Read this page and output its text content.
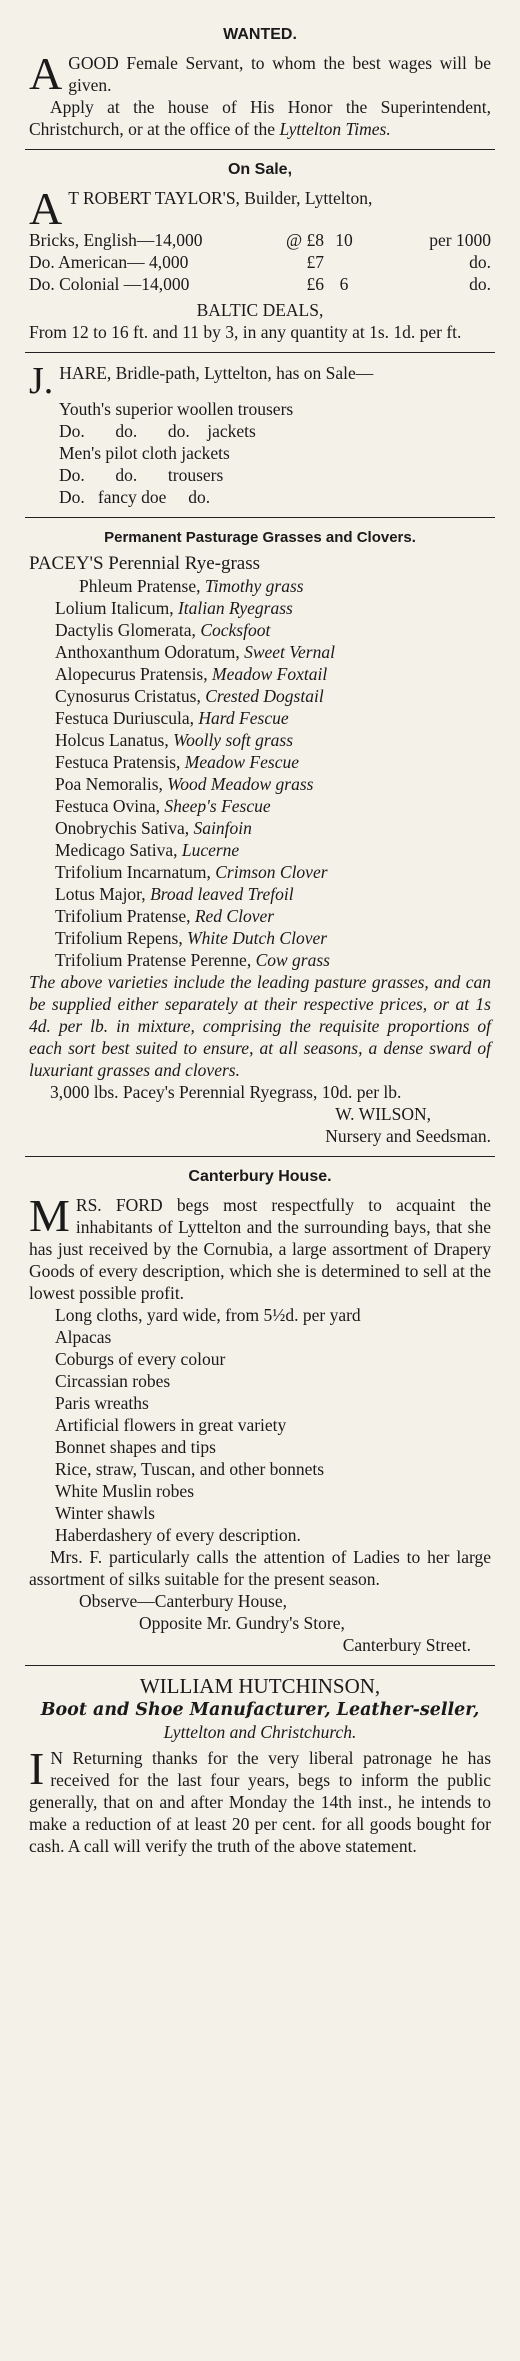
WANTED.
A GOOD Female Servant, to whom the best wages will be given.
Apply at the house of His Honor the Superintendent, Christchurch, or at the office of the Lyttelton Times.
On Sale,
A T ROBERT TAYLOR'S, Builder, Lyttelton,
Bricks, English—14,000	@ £8 10	per 1000
Do. American— 4,000	£7	do.
Do. Colonial —14,000	£6 6	do.
BALTIC DEALS,
From 12 to 16 ft. and 11 by 3, in any quantity at 1s. 1d. per ft.
J. HARE, Bridle-path, Lyttelton, has on Sale—
Youth's superior woollen trousers
Do.       do.       do.    jackets
Men's pilot cloth jackets
Do.       do.       trousers
Do.   fancy doe     do.
Permanent Pasturage Grasses and Clovers.
PACEY'S Perennial Rye-grass
Phleum Pratense, Timothy grass
Lolium Italicum, Italian Ryegrass
Dactylis Glomerata, Cocksfoot
Anthoxanthum Odoratum, Sweet Vernal
Alopecurus Pratensis, Meadow Foxtail
Cynosurus Cristatus, Crested Dogstail
Festuca Duriuscula, Hard Fescue
Holcus Lanatus, Woolly soft grass
Festuca Pratensis, Meadow Fescue
Poa Nemoralis, Wood Meadow grass
Festuca Ovina, Sheep's Fescue
Onobrychis Sativa, Sainfoin
Medicago Sativa, Lucerne
Trifolium Incarnatum, Crimson Clover
Lotus Major, Broad leaved Trefoil
Trifolium Pratense, Red Clover
Trifolium Repens, White Dutch Clover
Trifolium Pratense Perenne, Cow grass
The above varieties include the leading pasture grasses, and can be supplied either separately at their respective prices, or at 1s 4d. per lb. in mixture, comprising the requisite proportions of each sort best suited to ensure, at all seasons, a dense sward of luxuriant grasses and clovers.
3,000 lbs. Pacey's Perennial Ryegrass, 10d. per lb.
W. WILSON,
Nursery and Seedsman.
Canterbury House.
M RS. FORD begs most respectfully to acquaint the inhabitants of Lyttelton and the surrounding bays, that she has just received by the Cornubia, a large assortment of Drapery Goods of every description, which she is determined to sell at the lowest possible profit.
Long cloths, yard wide, from 5½d. per yard
Alpacas
Coburgs of every colour
Circassian robes
Paris wreaths
Artificial flowers in great variety
Bonnet shapes and tips
Rice, straw, Tuscan, and other bonnets
White Muslin robes
Winter shawls
Haberdashery of every description.
Mrs. F. particularly calls the attention of Ladies to her large assortment of silks suitable for the present season.
Observe—Canterbury House,
Opposite Mr. Gundry's Store,
Canterbury Street.
WILLIAM HUTCHINSON,
Boot and Shoe Manufacturer, Leather-seller,
Lyttelton and Christchurch.
I N Returning thanks for the very liberal patronage he has received for the last four years, begs to inform the public generally, that on and after Monday the 14th inst., he intends to make a reduction of at least 20 per cent. for all goods bought for cash. A call will verify the truth of the above statement.
